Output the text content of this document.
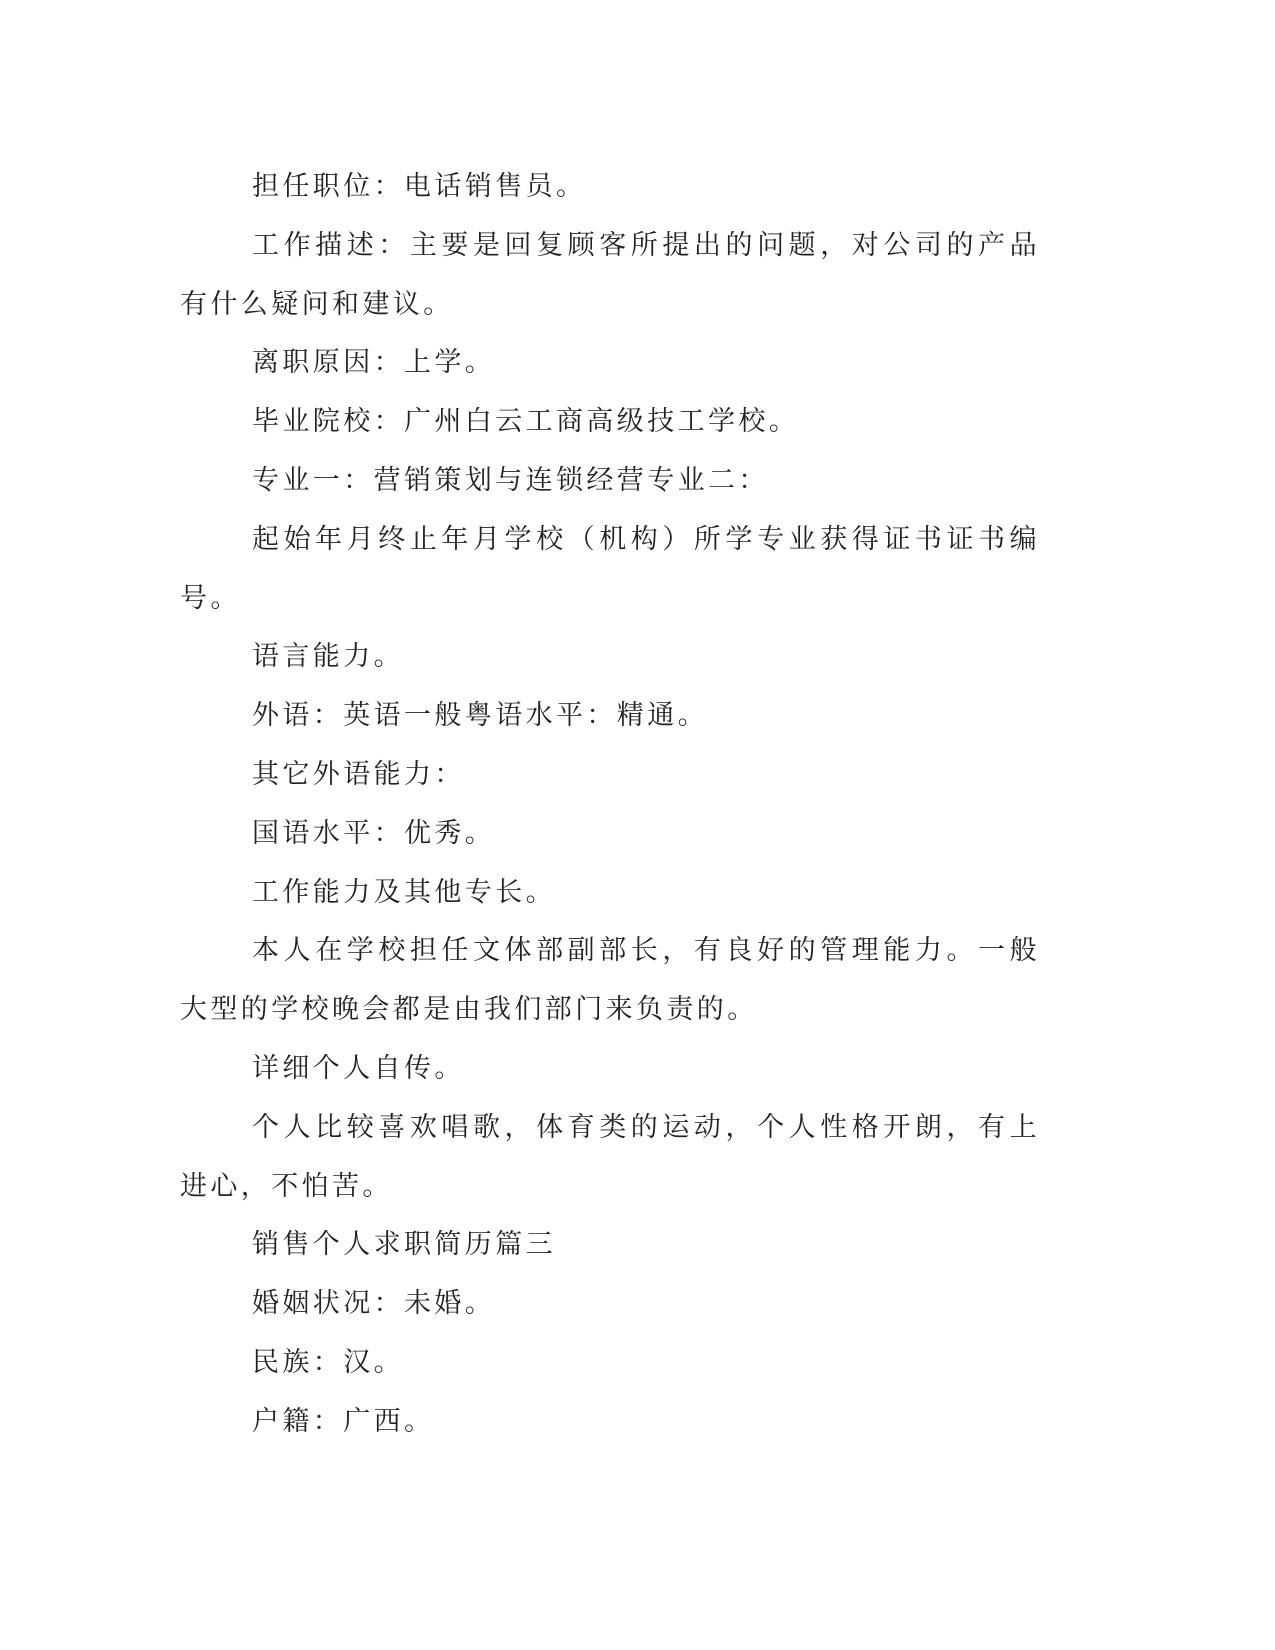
担任职位：电话销售员。

工作描述：主要是回复顾客所提出的问题，对公司的产品有什么疑问和建议。

离职原因：上学。

毕业院校：广州白云工商高级技工学校。

专业一：营销策划与连锁经营专业二：

起始年月终止年月学校（机构）所学专业获得证书证书编号。

语言能力。

外语：英语一般粤语水平：精通。

其它外语能力：

国语水平：优秀。

工作能力及其他专长。

本人在学校担任文体部副部长，有良好的管理能力。一般大型的学校晚会都是由我们部门来负责的。

详细个人自传。

个人比较喜欢唱歌，体育类的运动，个人性格开朗，有上进心，不怕苦。

销售个人求职简历篇三

婚姻状况：未婚。

民族：汉。

户籍：广西。
